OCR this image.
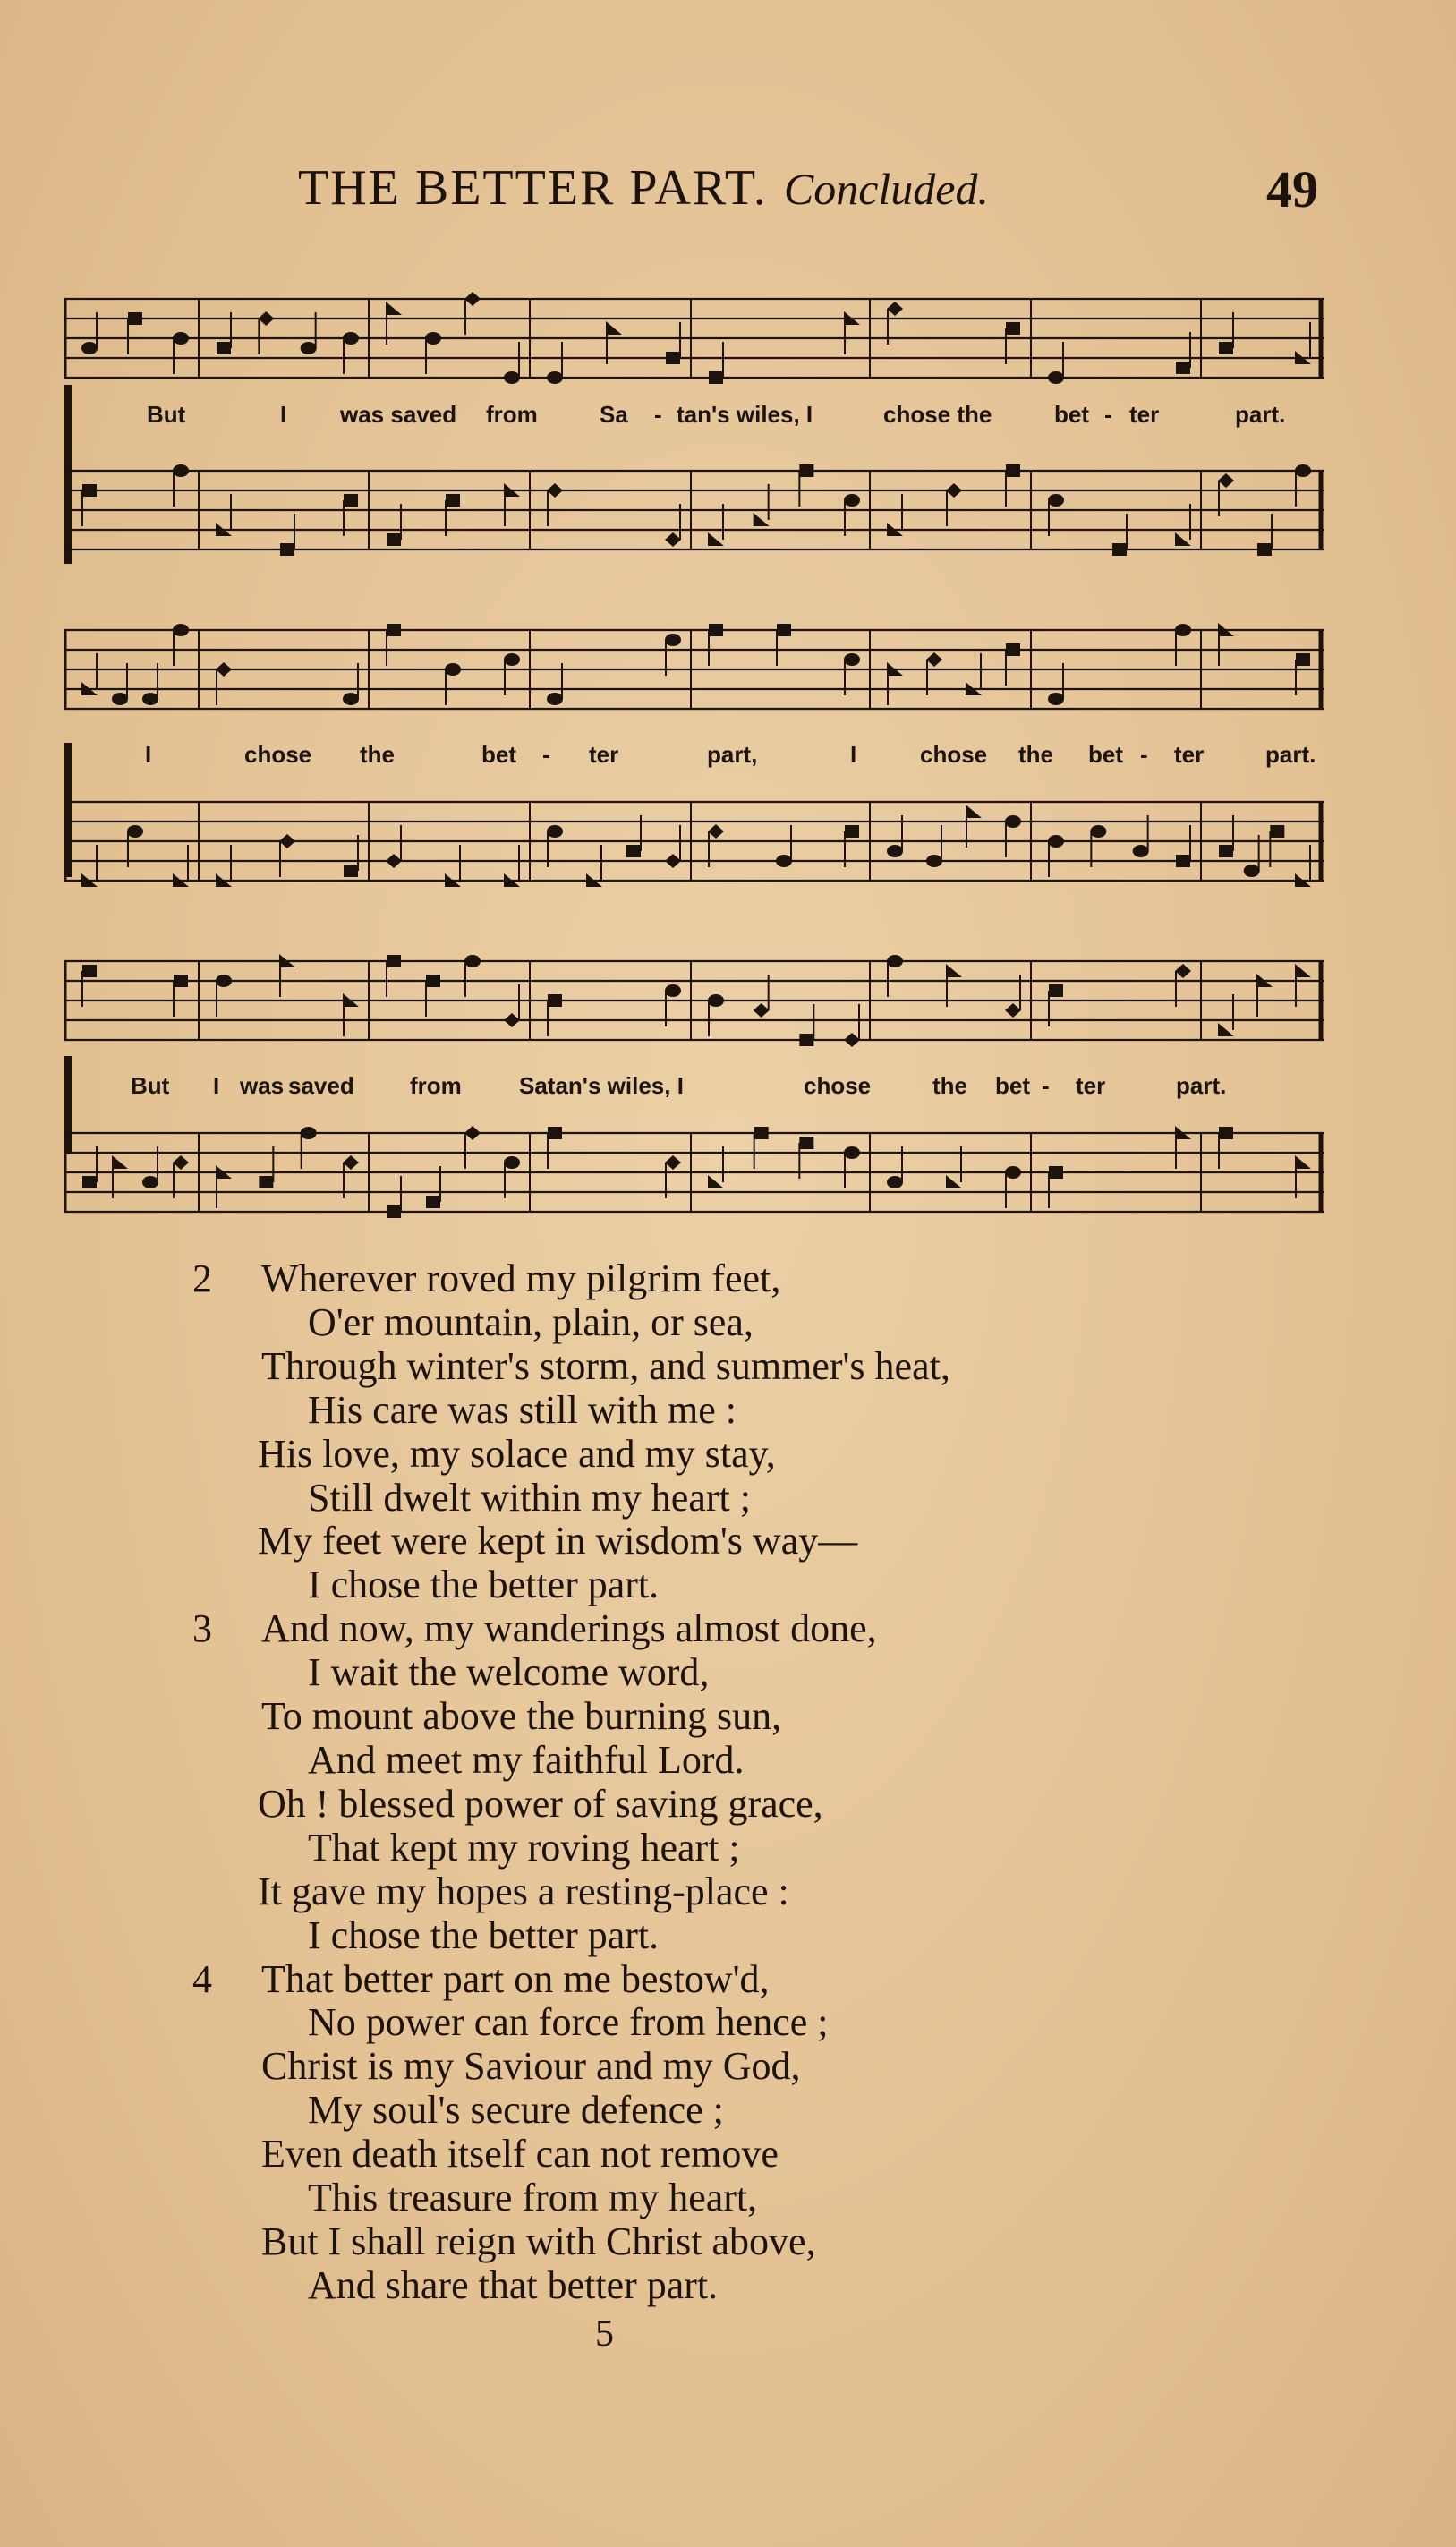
THE BETTER PART. Concluded.	49
But	I was saved from	Sa - tan's wiles, I	chose the	bet - ter	part.
I	chose the	bet - ter	part,	I	chose the bet - ter	part.
But I was saved from Satan's wiles, I	chose	the bet - ter	part.
2 Wherever roved my pilgrim feet,
O'er mountain, plain, or sea,
Through winter's storm, and summer's heat,
His care was still with me :
His love, my solace and my stay,
Still dwelt within my heart ;
My feet were kept in wisdom's way—
I chose the better part.
3 And now, my wanderings almost done,
I wait the welcome word,
To mount above the burning sun,
And meet my faithful Lord.
Oh ! blessed power of saving grace,
That kept my roving heart ;
It gave my hopes a resting-place :
I chose the better part.
4 That better part on me bestow'd,
No power can force from hence ;
Christ is my Saviour and my God,
My soul's secure defence ;
Even death itself can not remove
This treasure from my heart,
But I shall reign with Christ above,
And share that better part.
5
